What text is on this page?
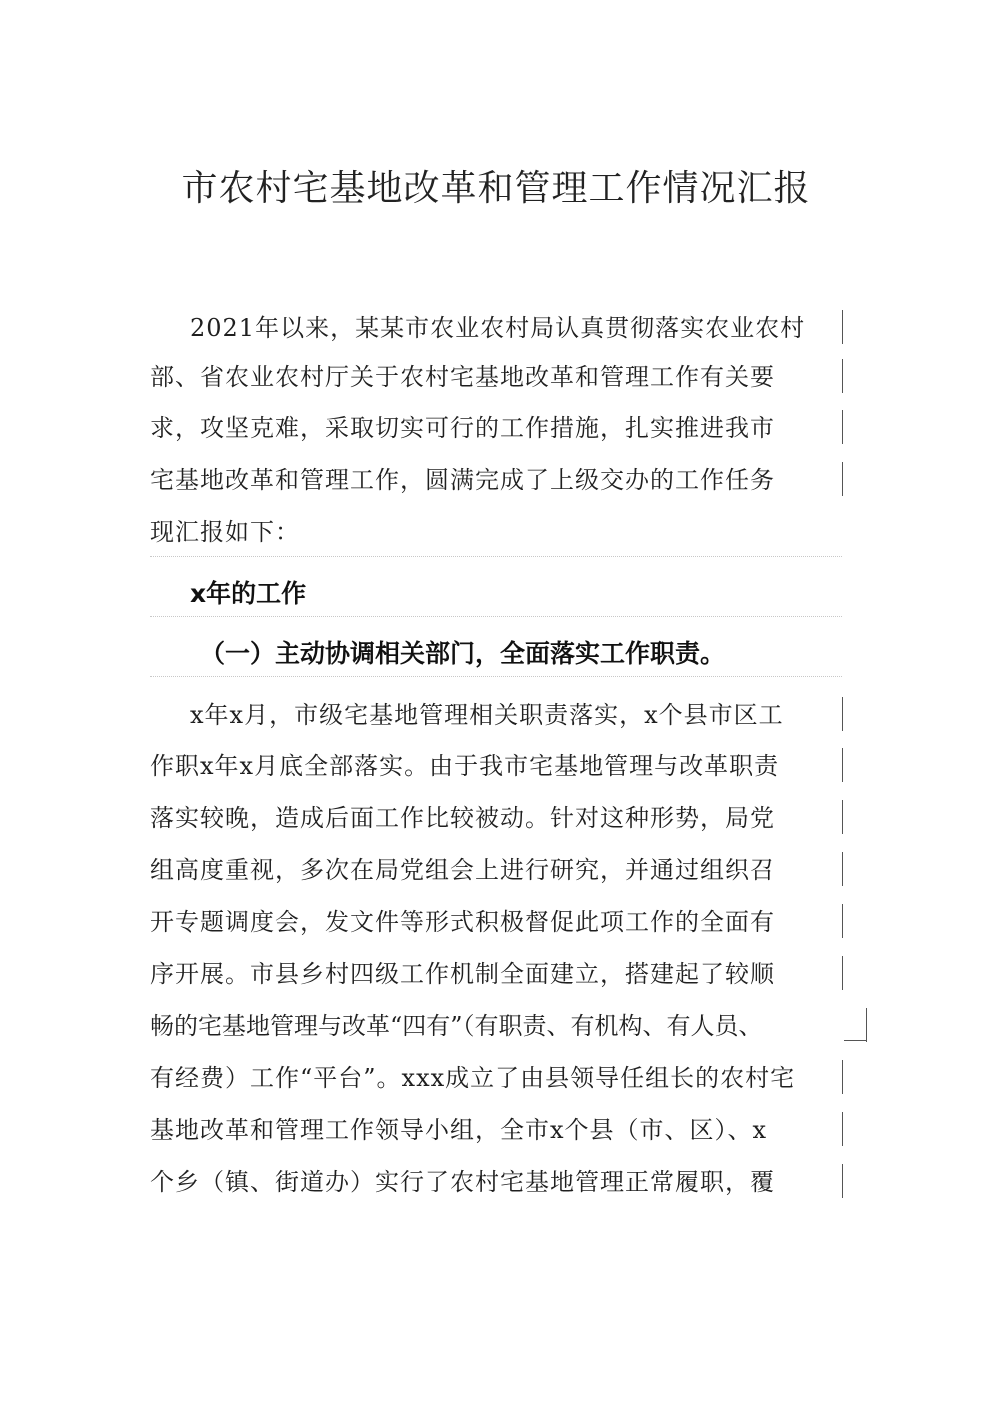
市农村宅基地改革和管理工作情况汇报
2021年以来，某某市农业农村局认真贯彻落实农业农村
部、省农业农村厅关于农村宅基地改革和管理工作有关要
求，攻坚克难，采取切实可行的工作措施，扎实推进我市
宅基地改革和管理工作，圆满完成了上级交办的工作任务
现汇报如下：
x年的工作
（一）主动协调相关部门，全面落实工作职责。
x年x月，市级宅基地管理相关职责落实，x个县市区工
作职x年x月底全部落实。由于我市宅基地管理与改革职责
落实较晚，造成后面工作比较被动。针对这种形势，局党
组高度重视，多次在局党组会上进行研究，并通过组织召
开专题调度会，发文件等形式积极督促此项工作的全面有
序开展。市县乡村四级工作机制全面建立，搭建起了较顺
畅的宅基地管理与改革“四有”（有职责、有机构、有人员、
有经费）工作“平台”。xxx成立了由县领导任组长的农村宅
基地改革和管理工作领导小组，全市x个县（市、区）、x
个乡（镇、街道办）实行了农村宅基地管理正常履职，覆
